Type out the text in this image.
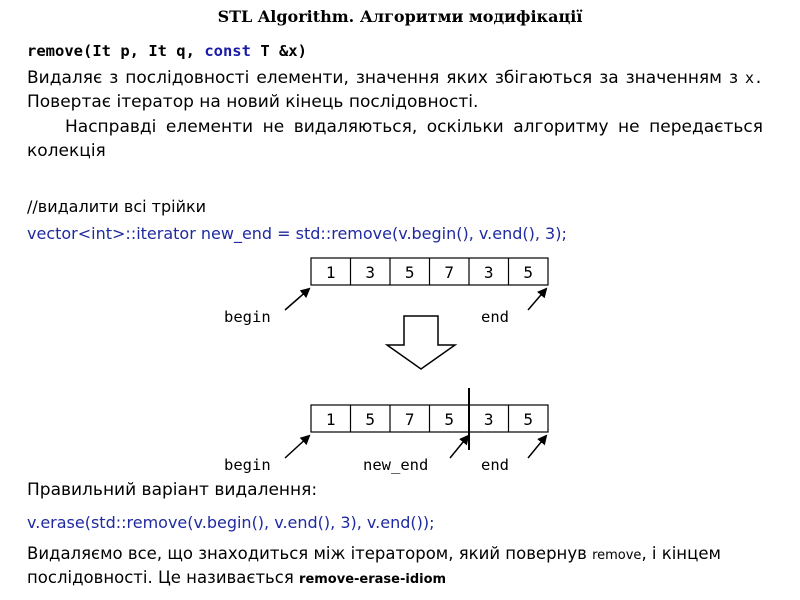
STL Algorithm. Алгоритми модифікації
remove(It p, It q, const T &x)
Видаляє з послідовності елементи, значення яких збігаються за значенням з x. Повертає ітератор на новий кінець послідовності.
Насправді елементи не видаляються, оскільки алгоритму не передається колекція
//видалити всі трійки
vector<int>::iterator new_end = std::remove(v.begin(), v.end(), 3);
1 3 5 7 3 5
begin	end
1 5 7 5 3 5
begin	new_end	end
Правильний варіант видалення:
v.erase(std::remove(v.begin(), v.end(), 3), v.end());
Видаляємо все, що знаходиться між ітератором, який повернув remove, і кінцем послідовності. Це називається remove-erase-idiom
